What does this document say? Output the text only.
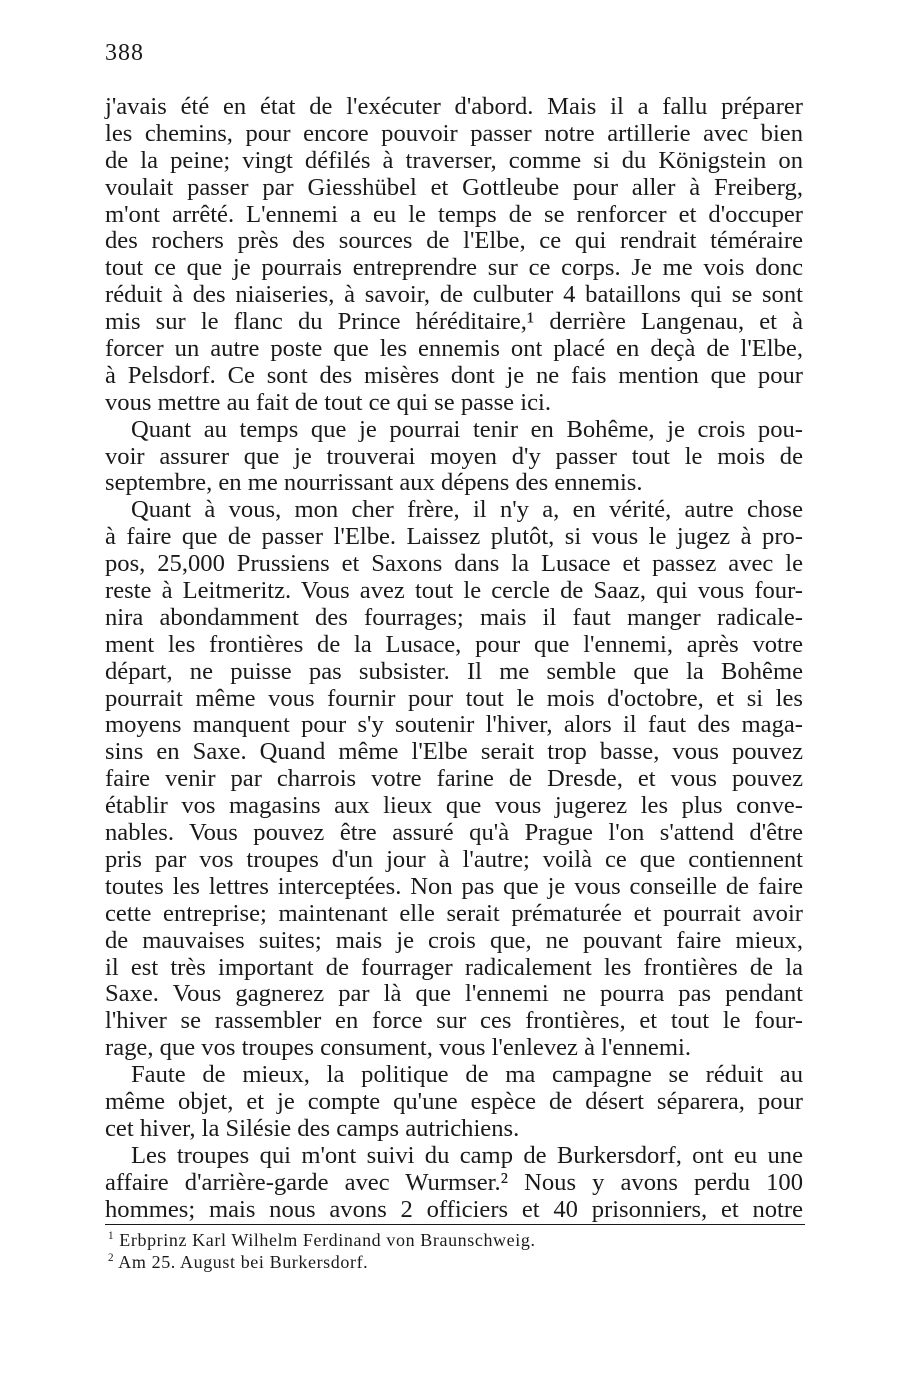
388
j'avais été en état de l'exécuter d'abord. Mais il a fallu préparer
les chemins, pour encore pouvoir passer notre artillerie avec bien
de la peine; vingt défilés à traverser, comme si du Königstein on
voulait passer par Giesshübel et Gottleube pour aller à Freiberg,
m'ont arrêté. L'ennemi a eu le temps de se renforcer et d'occuper
des rochers près des sources de l'Elbe, ce qui rendrait téméraire
tout ce que je pourrais entreprendre sur ce corps. Je me vois donc
réduit à des niaiseries, à savoir, de culbuter 4 bataillons qui se sont
mis sur le flanc du Prince héréditaire,¹ derrière Langenau, et à
forcer un autre poste que les ennemis ont placé en deçà de l'Elbe,
à Pelsdorf. Ce sont des misères dont je ne fais mention que pour
vous mettre au fait de tout ce qui se passe ici.
Quant au temps que je pourrai tenir en Bohême, je crois pou-
voir assurer que je trouverai moyen d'y passer tout le mois de
septembre, en me nourrissant aux dépens des ennemis.
Quant à vous, mon cher frère, il n'y a, en vérité, autre chose
à faire que de passer l'Elbe. Laissez plutôt, si vous le jugez à pro-
pos, 25,000 Prussiens et Saxons dans la Lusace et passez avec le
reste à Leitmeritz. Vous avez tout le cercle de Saaz, qui vous four-
nira abondamment des fourrages; mais il faut manger radicale-
ment les frontières de la Lusace, pour que l'ennemi, après votre
départ, ne puisse pas subsister. Il me semble que la Bohême
pourrait même vous fournir pour tout le mois d'octobre, et si les
moyens manquent pour s'y soutenir l'hiver, alors il faut des maga-
sins en Saxe. Quand même l'Elbe serait trop basse, vous pouvez
faire venir par charrois votre farine de Dresde, et vous pouvez
établir vos magasins aux lieux que vous jugerez les plus conve-
nables. Vous pouvez être assuré qu'à Prague l'on s'attend d'être
pris par vos troupes d'un jour à l'autre; voilà ce que contiennent
toutes les lettres interceptées. Non pas que je vous conseille de faire
cette entreprise; maintenant elle serait prématurée et pourrait avoir
de mauvaises suites; mais je crois que, ne pouvant faire mieux,
il est très important de fourrager radicalement les frontières de la
Saxe. Vous gagnerez par là que l'ennemi ne pourra pas pendant
l'hiver se rassembler en force sur ces frontières, et tout le four-
rage, que vos troupes consument, vous l'enlevez à l'ennemi.
Faute de mieux, la politique de ma campagne se réduit au
même objet, et je compte qu'une espèce de désert séparera, pour
cet hiver, la Silésie des camps autrichiens.
Les troupes qui m'ont suivi du camp de Burkersdorf, ont eu une
affaire d'arrière-garde avec Wurmser.² Nous y avons perdu 100
hommes; mais nous avons 2 officiers et 40 prisonniers, et notre
$^1$ Erbprinz Karl Wilhelm Ferdinand von Braunschweig.
$^2$ Am 25. August bei Burkersdorf.
